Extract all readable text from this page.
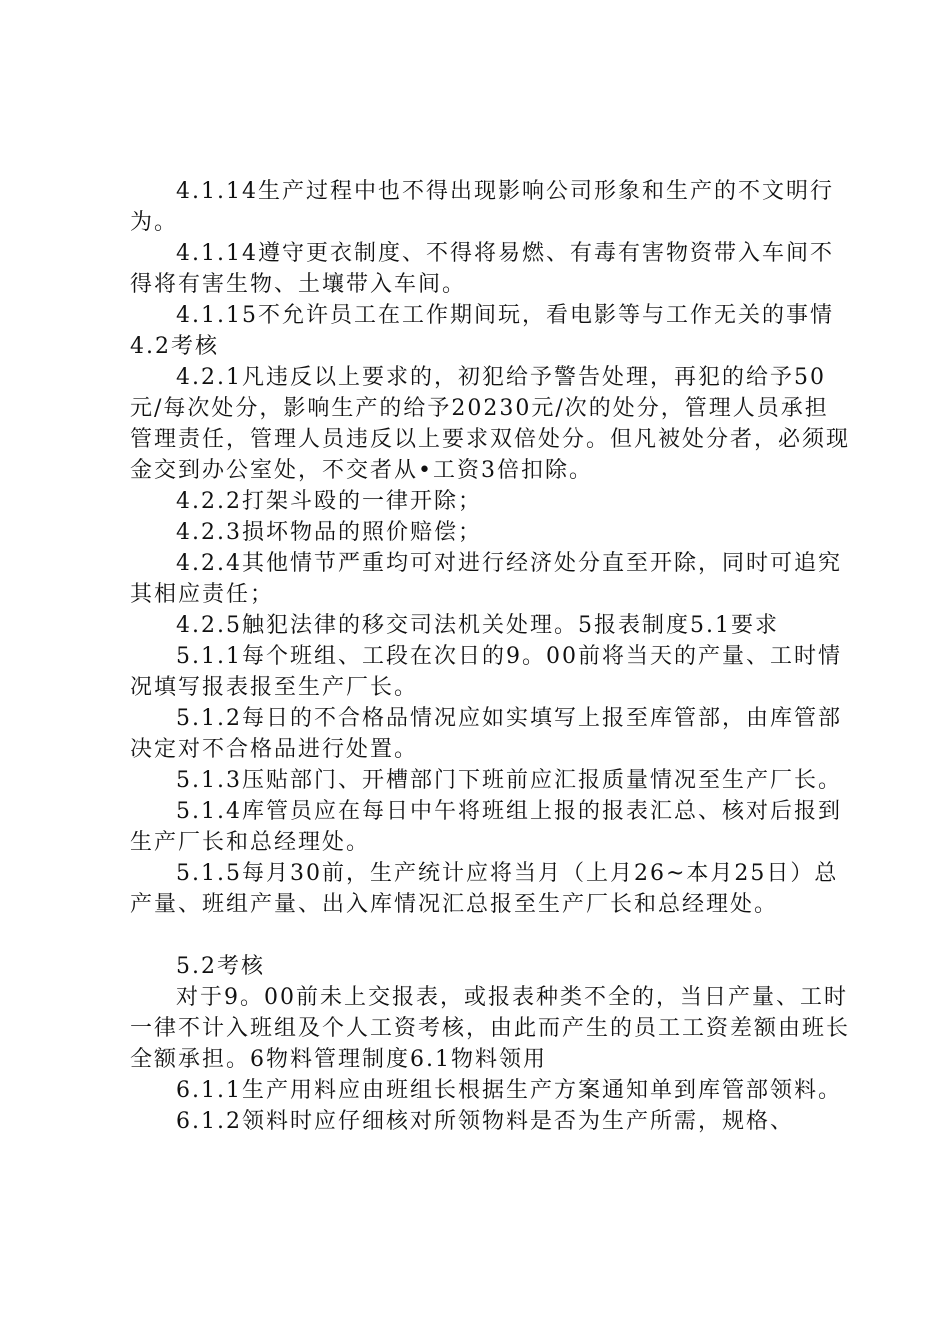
4.1.14生产过程中也不得出现影响公司形象和生产的不文明行为。

4.1.14遵守更衣制度、不得将易燃、有毒有害物资带入车间不得将有害生物、土壤带入车间。

4.1.15不允许员工在工作期间玩，看电影等与工作无关的事情4.2考核

4.2.1凡违反以上要求的，初犯给予警告处理，再犯的给予50元/每次处分，影响生产的给予20230元/次的处分，管理人员承担管理责任，管理人员违反以上要求双倍处分。但凡被处分者，必须现金交到办公室处，不交者从•工资3倍扣除。

4.2.2打架斗殴的一律开除；

4.2.3损坏物品的照价赔偿；

4.2.4其他情节严重均可对进行经济处分直至开除，同时可追究其相应责任；

4.2.5触犯法律的移交司法机关处理。5报表制度5.1要求

5.1.1每个班组、工段在次日的9。00前将当天的产量、工时情况填写报表报至生产厂长。

5.1.2每日的不合格品情况应如实填写上报至库管部，由库管部决定对不合格品进行处置。

5.1.3压贴部门、开槽部门下班前应汇报质量情况至生产厂长。

5.1.4库管员应在每日中午将班组上报的报表汇总、核对后报到生产厂长和总经理处。

5.1.5每月30前，生产统计应将当月（上月26~本月25日）总产量、班组产量、出入库情况汇总报至生产厂长和总经理处。

5.2考核

对于9。00前未上交报表，或报表种类不全的，当日产量、工时一律不计入班组及个人工资考核，由此而产生的员工工资差额由班长全额承担。6物料管理制度6.1物料领用

6.1.1生产用料应由班组长根据生产方案通知单到库管部领料。

6.1.2领料时应仔细核对所领物料是否为生产所需，规格、
